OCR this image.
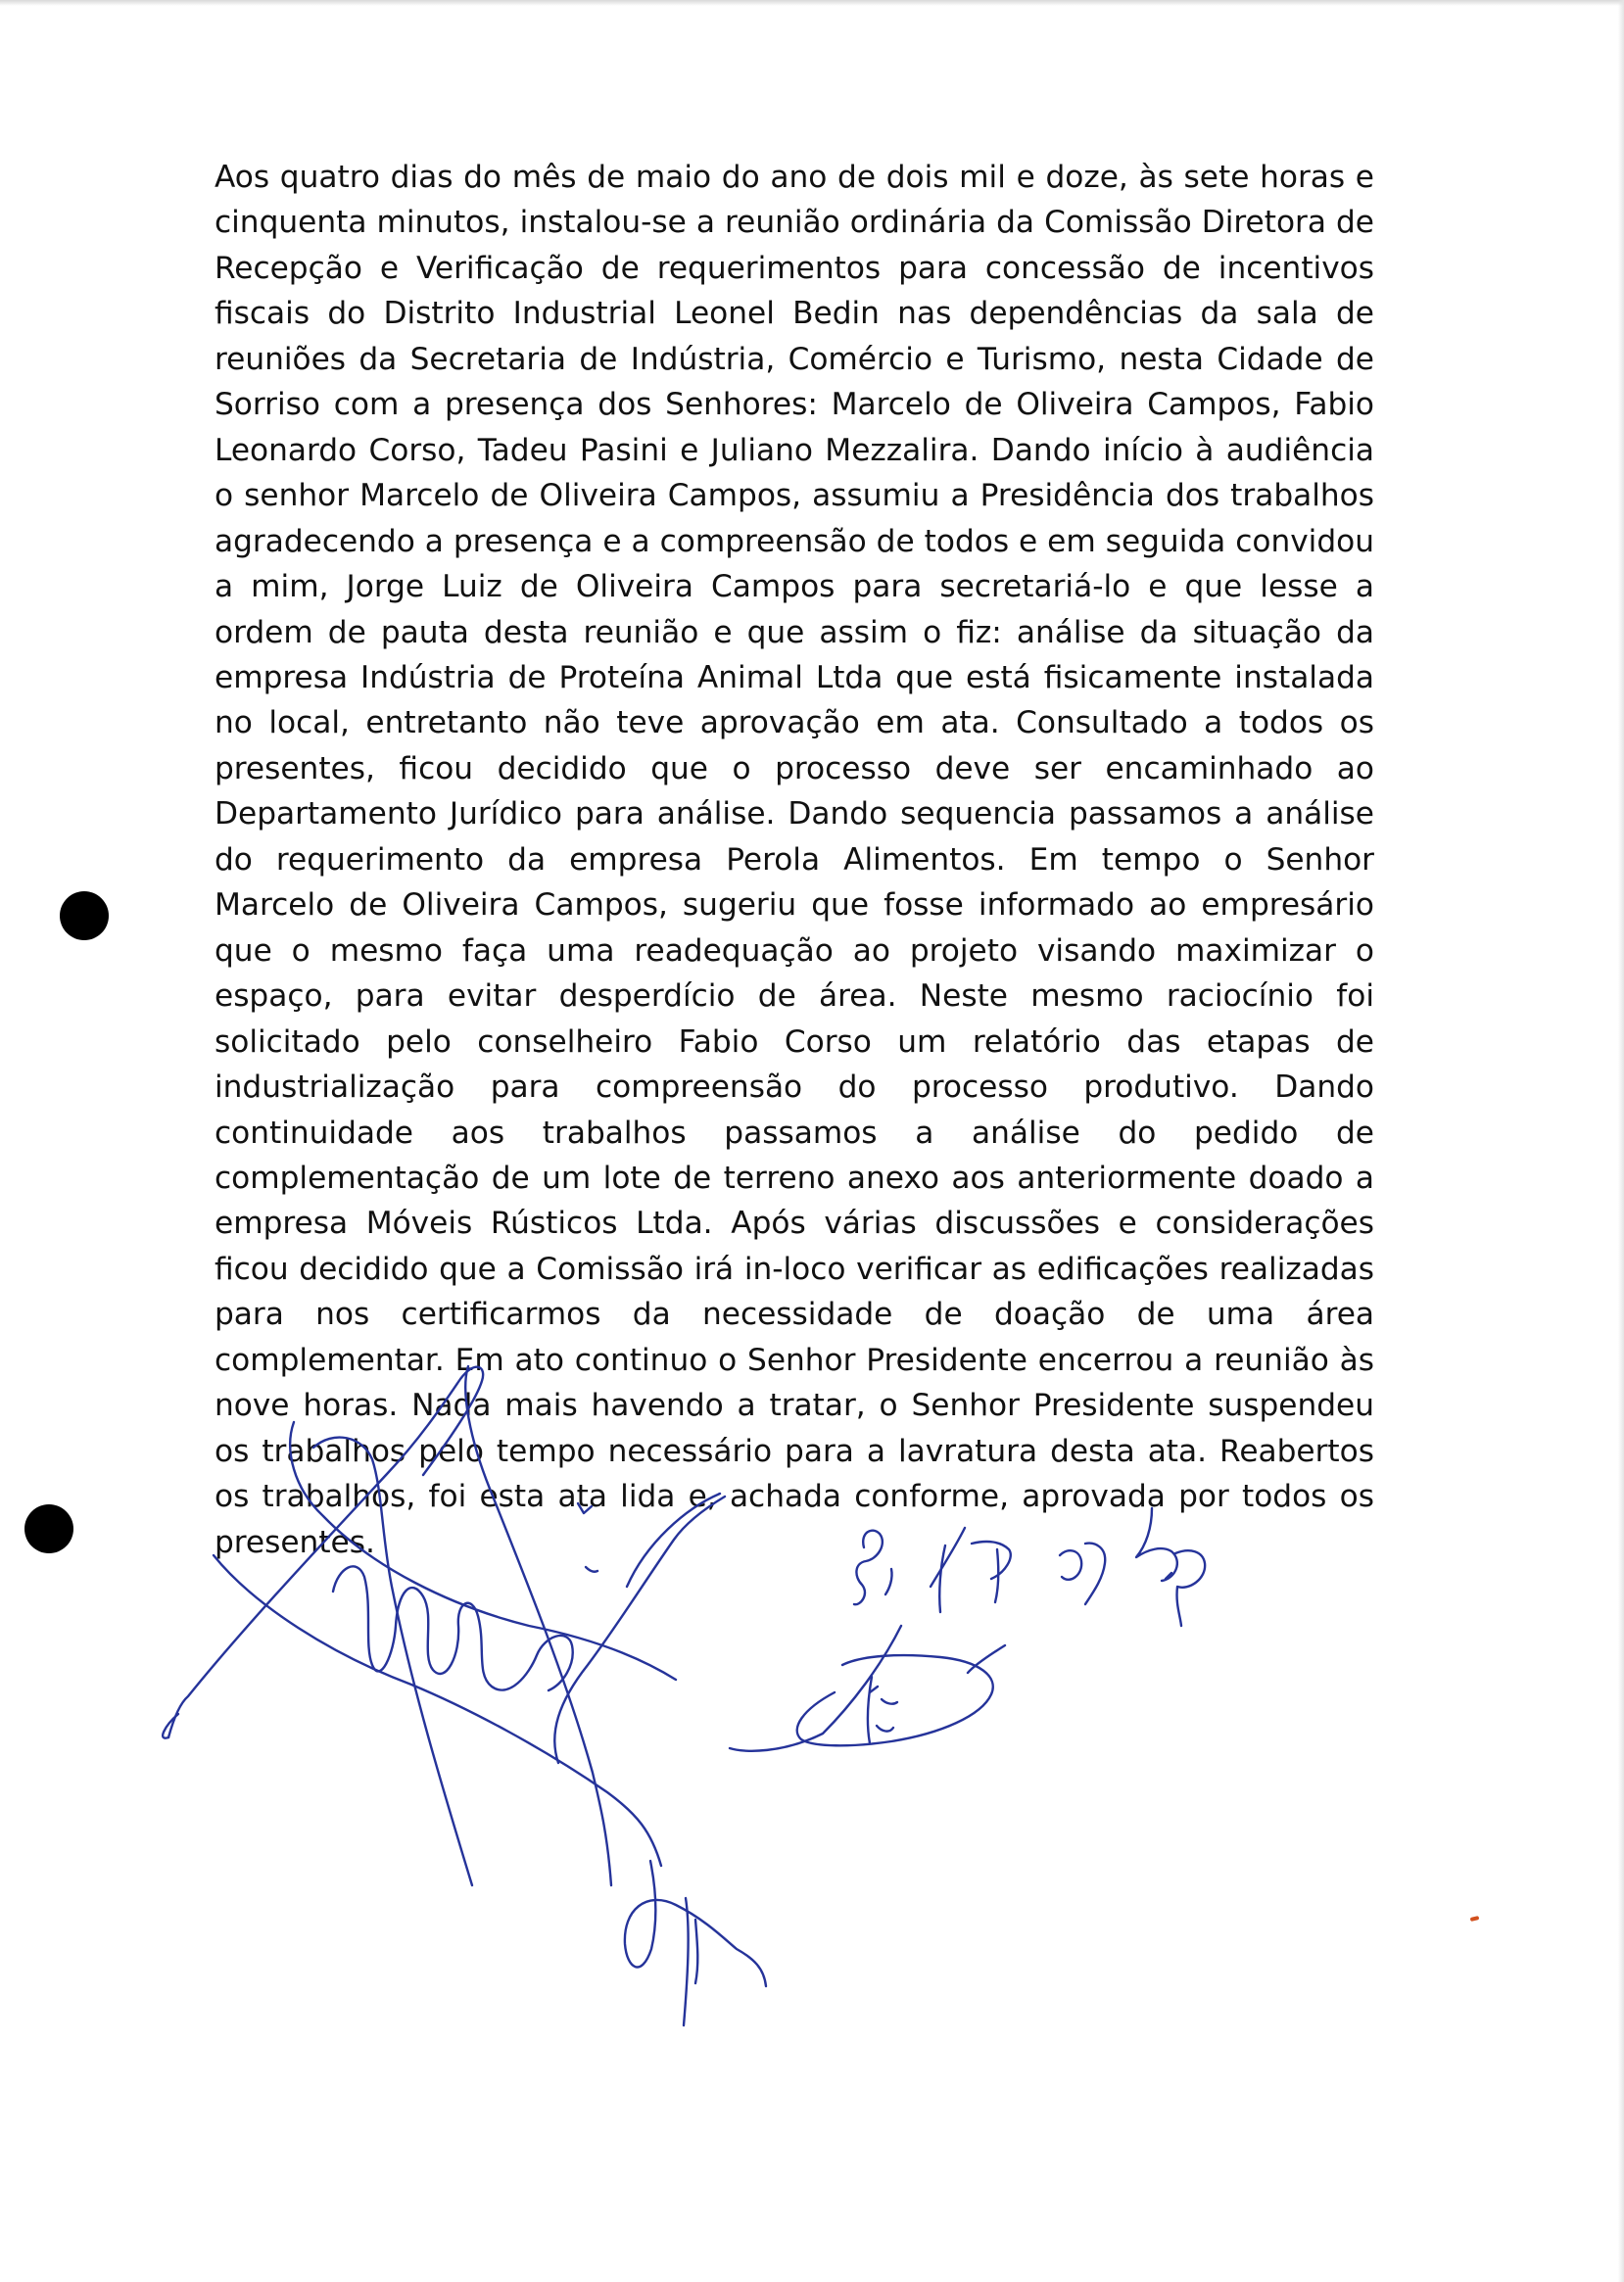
Aos quatro dias do mês de maio do ano de dois mil e doze, às sete horas e cinquenta minutos, instalou-se a reunião ordinária da Comissão Diretora de Recepção e Verificação de requerimentos para concessão de incentivos fiscais do Distrito Industrial Leonel Bedin nas dependências da sala de reuniões da Secretaria de Indústria, Comércio e Turismo, nesta Cidade de Sorriso com a presença dos Senhores: Marcelo de Oliveira Campos, Fabio Leonardo Corso, Tadeu Pasini e Juliano Mezzalira. Dando início à audiência o senhor Marcelo de Oliveira Campos, assumiu a Presidência dos trabalhos agradecendo a presença e a compreensão de todos e em seguida convidou a mim, Jorge Luiz de Oliveira Campos para secretariá-lo e que lesse a ordem de pauta desta reunião e que assim o fiz: análise da situação da empresa Indústria de Proteína Animal Ltda que está fisicamente instalada no local, entretanto não teve aprovação em ata. Consultado a todos os presentes, ficou decidido que o processo deve ser encaminhado ao Departamento Jurídico para análise. Dando sequencia passamos a análise do requerimento da empresa Perola Alimentos. Em tempo o Senhor Marcelo de Oliveira Campos, sugeriu que fosse informado ao empresário que o mesmo faça uma readequação ao projeto visando maximizar o espaço, para evitar desperdício de área. Neste mesmo raciocínio foi solicitado pelo conselheiro Fabio Corso um relatório das etapas de industrialização para compreensão do processo produtivo. Dando continuidade aos trabalhos passamos a análise do pedido de complementação de um lote de terreno anexo aos anteriormente doado a empresa Móveis Rústicos Ltda. Após várias discussões e considerações ficou decidido que a Comissão irá in-loco verificar as edificações realizadas para nos certificarmos da necessidade de doação de uma área complementar. Em ato continuo o Senhor Presidente encerrou a reunião às nove horas. Nada mais havendo a tratar, o Senhor Presidente suspendeu os trabalhos pelo tempo necessário para a lavratura desta ata. Reabertos os trabalhos, foi esta ata lida e, achada conforme, aprovada por todos os presentes.
